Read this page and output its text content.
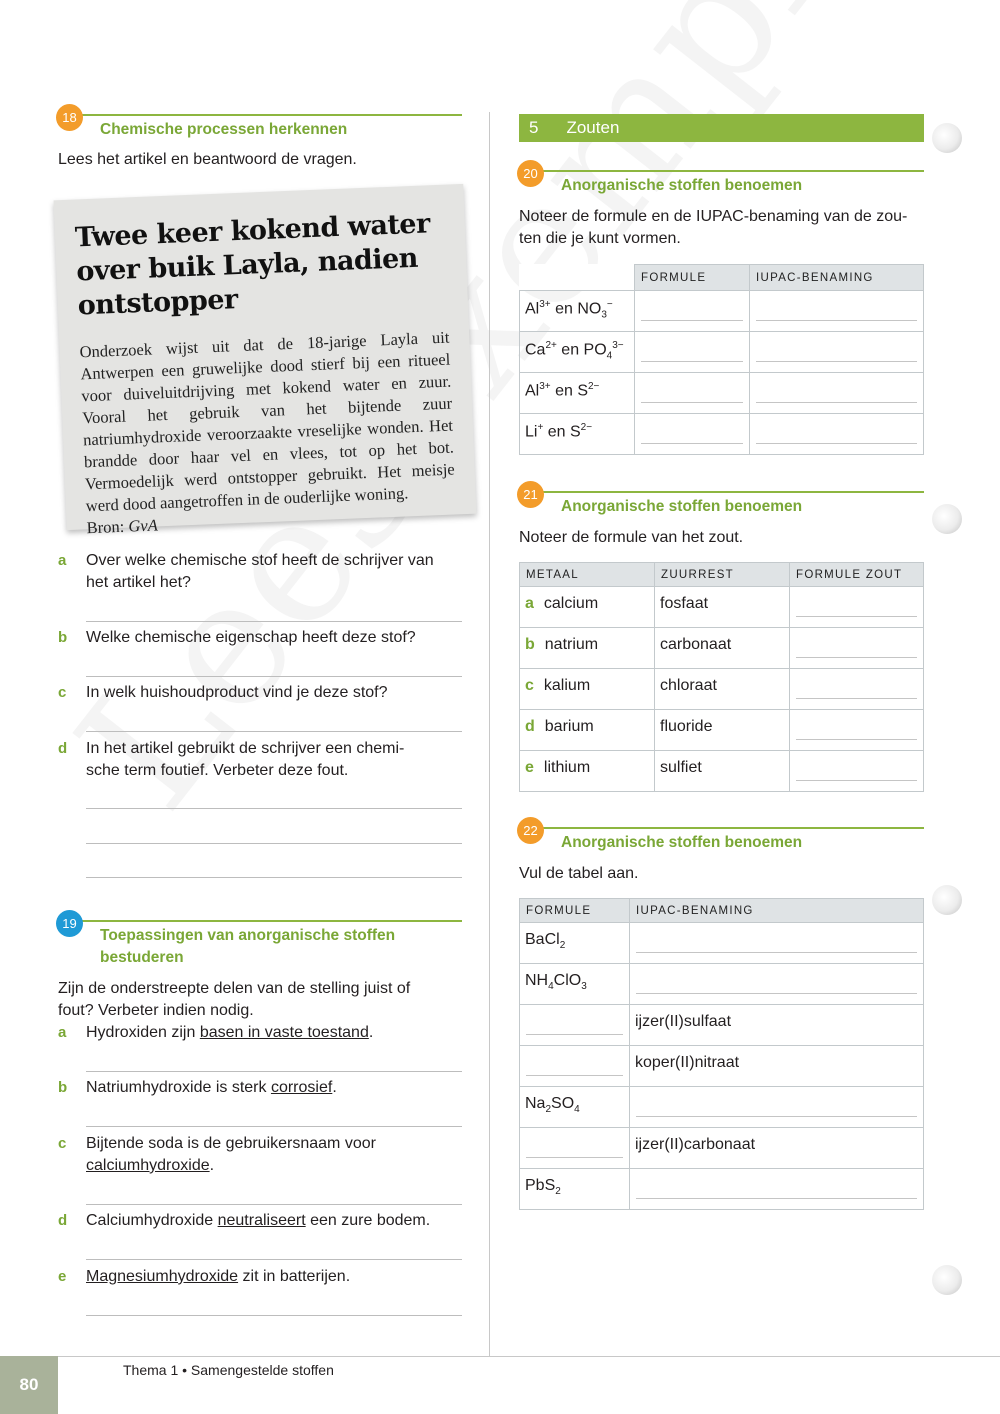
18
Chemische processen herkennen
Lees het artikel en beantwoord de vragen.
Twee keer kokend water over buik Layla, nadien ontstopper

Onderzoek wijst uit dat de 18-jarige Layla uit Antwerpen een gruwelijke dood stierf bij een ritueel voor duiveluitdrijving met kokend water en zuur. Vooral het gebruik van het bijtende zuur natriumhydroxide veroorzaakte vreselijke wonden. Het brandde door haar vel en vlees, tot op het bot. Vermoedelijk werd ontstopper gebruikt. Het meisje werd dood aangetroffen in de ouderlijke woning.
Bron: GvA

a Over welke chemische stof heeft de schrijver van
het artikel het?
b Welke chemische eigenschap heeft deze stof?
c In welk huishoudproduct vind je deze stof?
d In het artikel gebruikt de schrijver een chemi-
sche term foutief. Verbeter deze fout.
19
Toepassingen van anorganische stoffen
bestuderen
Zijn de onderstreepte delen van de stelling juist of
fout? Verbeter indien nodig.
a Hydroxiden zijn basen in vaste toestand.
b Natriumhydroxide is sterk corrosief.
c Bijtende soda is de gebruikersnaam voor
calciumhydroxide.
d Calciumhydroxide neutraliseert een zure bodem.
e Magnesiumhydroxide zit in batterijen.
5 Zouten
20
Anorganische stoffen benoemen
Noteer de formule en de IUPAC-benaming van de zou-
ten die je kunt vormen.
	FORMULE	IUPAC-BENAMING
$Al^{3+}$ en $NO_3^-$	

$Ca^{2+}$ en $PO_4^{3-}$	

$Al^{3+}$ en $S^{2-}$	

Li+ en $S^{2-}$	

21
Anorganische stoffen benoemen
Noteer de formule van het zout.
METAAL	ZUURREST	FORMULE ZOUT
a calcium	fosfaat	

b natrium	carbonaat	

c kalium	chloraat	

d barium	fluoride	

e lithium	sulfiet	
22
Anorganische stoffen benoemen
Vul de tabel aan.
FORMULE	IUPAC-BENAMING
BaCl$_2$	

$NH_4ClO_3$	

	ijzer(II)sulfaat

	koper(II)nitraat
$Na_2SO_4$	

	ijzer(II)carbonaat
PbS$_2$	
80
Thema 1 • Samengestelde stoffen
